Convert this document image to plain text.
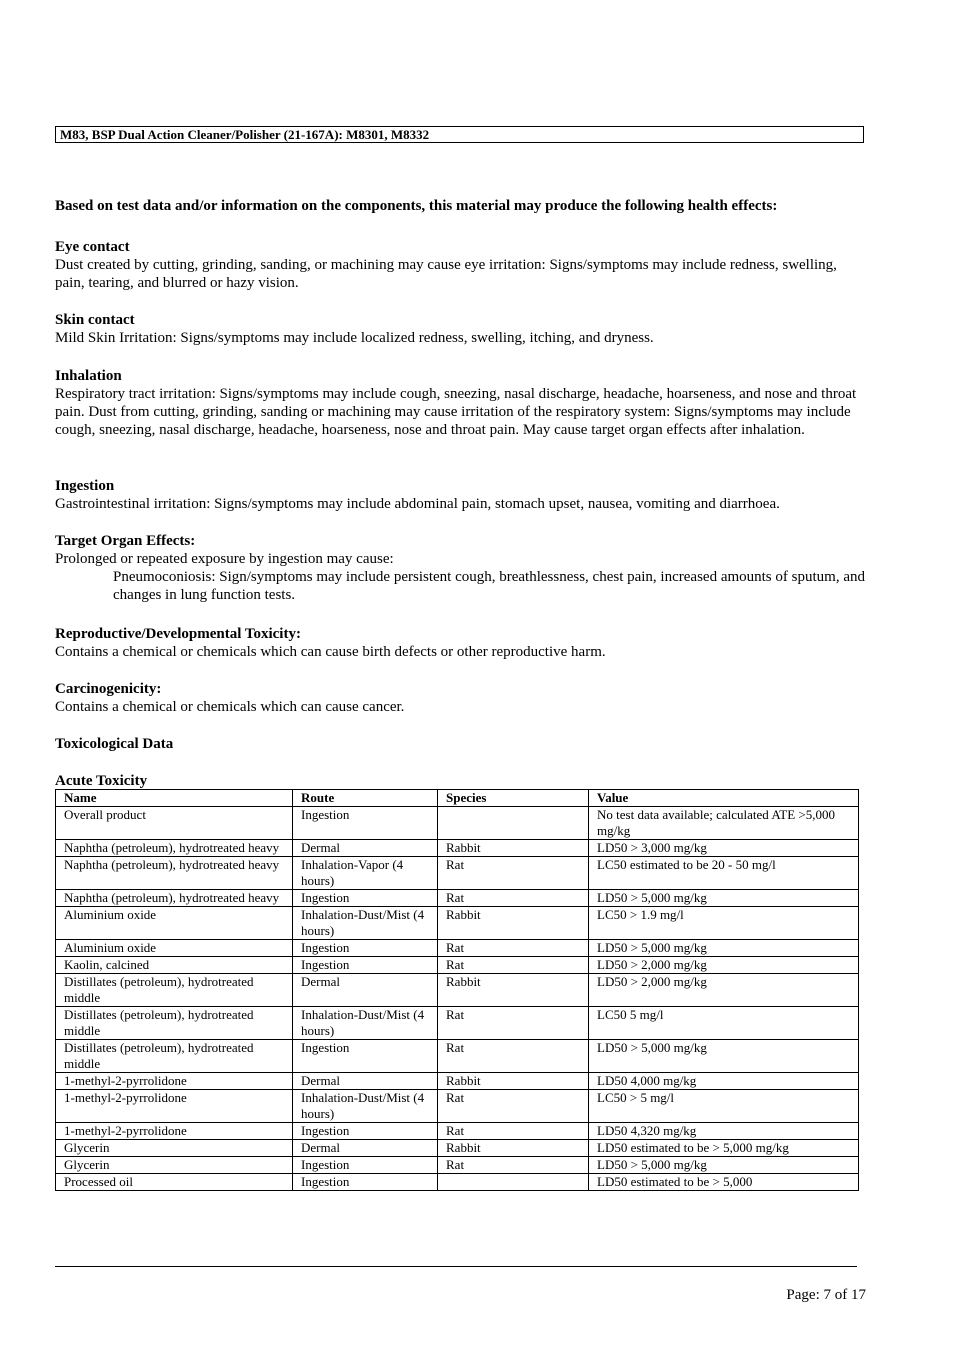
M83, BSP Dual Action Cleaner/Polisher (21-167A): M8301, M8332
Based on test data and/or information on the components, this material may produce the following health effects:
Eye contact
Dust created by cutting, grinding, sanding, or machining may cause eye irritation: Signs/symptoms may include redness, swelling, pain, tearing, and blurred or hazy vision.
Skin contact
Mild Skin Irritation: Signs/symptoms may include localized redness, swelling, itching, and dryness.
Inhalation
Respiratory tract irritation: Signs/symptoms may include cough, sneezing, nasal discharge, headache, hoarseness, and nose and throat pain. Dust from cutting, grinding, sanding or machining may cause irritation of the respiratory system: Signs/symptoms may include cough, sneezing, nasal discharge, headache, hoarseness, nose and throat pain. May cause target organ effects after inhalation.
Ingestion
Gastrointestinal irritation: Signs/symptoms may include abdominal pain, stomach upset, nausea, vomiting and diarrhoea.
Target Organ Effects:
Prolonged or repeated exposure by ingestion may cause:
Pneumoconiosis: Sign/symptoms may include persistent cough, breathlessness, chest pain, increased amounts of sputum, and changes in lung function tests.
Reproductive/Developmental Toxicity:
Contains a chemical or chemicals which can cause birth defects or other reproductive harm.
Carcinogenicity:
Contains a chemical or chemicals which can cause cancer.
Toxicological Data
Acute Toxicity
Name	Route	Species	Value
Overall product	Ingestion		No test data available; calculated ATE >5,000 mg/kg
Naphtha (petroleum), hydrotreated heavy	Dermal	Rabbit	LD50 > 3,000 mg/kg
Naphtha (petroleum), hydrotreated heavy	Inhalation-Vapor (4 hours)	Rat	LC50 estimated to be 20 - 50 mg/l
Naphtha (petroleum), hydrotreated heavy	Ingestion	Rat	LD50 > 5,000 mg/kg
Aluminium oxide	Inhalation-Dust/Mist (4 hours)	Rabbit	LC50 > 1.9 mg/l
Aluminium oxide	Ingestion	Rat	LD50 > 5,000 mg/kg
Kaolin, calcined	Ingestion	Rat	LD50 > 2,000 mg/kg
Distillates (petroleum), hydrotreated middle	Dermal	Rabbit	LD50 > 2,000 mg/kg
Distillates (petroleum), hydrotreated middle	Inhalation-Dust/Mist (4 hours)	Rat	LC50 5 mg/l
Distillates (petroleum), hydrotreated middle	Ingestion	Rat	LD50 > 5,000 mg/kg
1-methyl-2-pyrrolidone	Dermal	Rabbit	LD50 4,000 mg/kg
1-methyl-2-pyrrolidone	Inhalation-Dust/Mist (4 hours)	Rat	LC50 > 5 mg/l
1-methyl-2-pyrrolidone	Ingestion	Rat	LD50 4,320 mg/kg
Glycerin	Dermal	Rabbit	LD50 estimated to be > 5,000 mg/kg
Glycerin	Ingestion	Rat	LD50 > 5,000 mg/kg
Processed oil	Ingestion		LD50 estimated to be > 5,000
Page: 7 of 17
